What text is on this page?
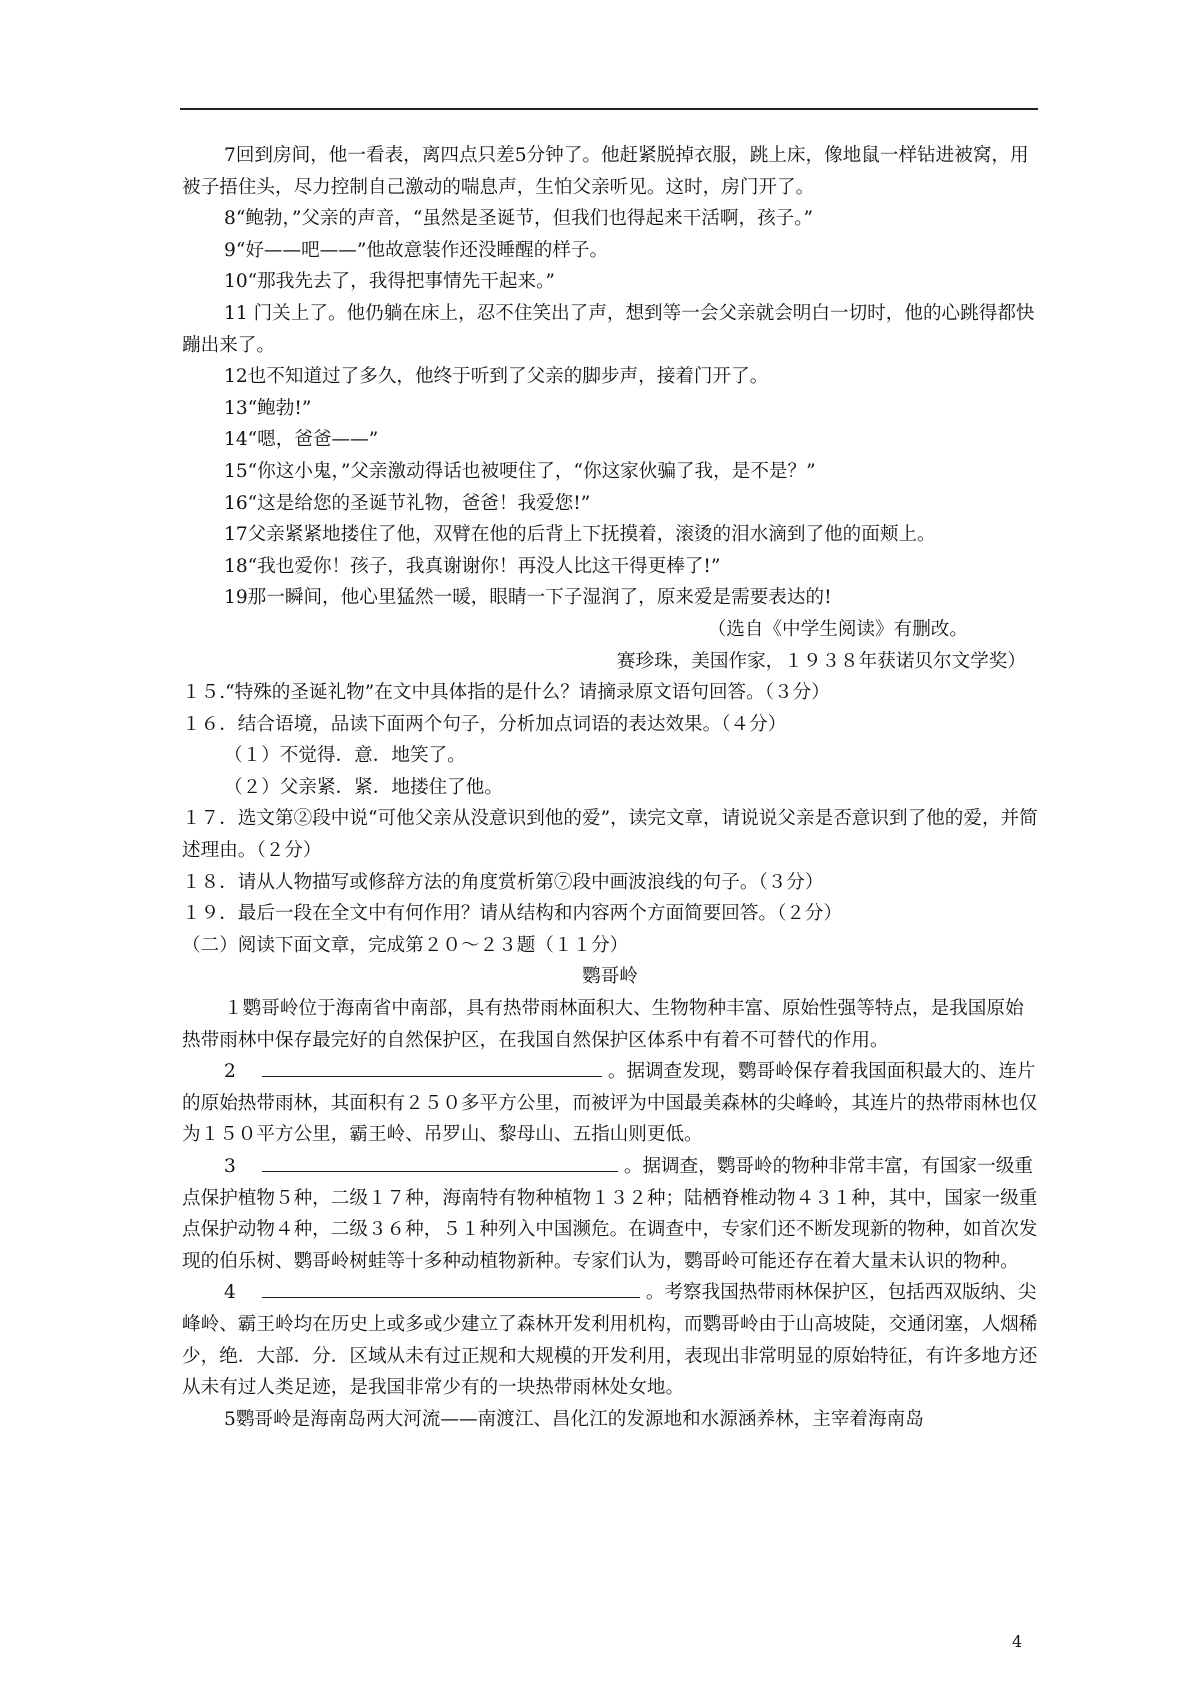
7回到房间，他一看表，离四点只差5分钟了。他赶紧脱掉衣服，跳上床，像地鼠一样钻进被窝，用被子捂住头，尽力控制自己激动的喘息声，生怕父亲听见。这时，房门开了。

8“鲍勃，”父亲的声音，“虽然是圣诞节，但我们也得起来干活啊，孩子。”

9“好——吧——”他故意装作还没睡醒的样子。

10“那我先去了，我得把事情先干起来。”

11 门关上了。他仍躺在床上，忍不住笑出了声，想到等一会父亲就会明白一切时，他的心跳得都快蹦出来了。

12也不知道过了多久，他终于听到了父亲的脚步声，接着门开了。

13“鲍勃!”

14“嗯，爸爸——”

15“你这小鬼，”父亲激动得话也被哽住了，“你这家伙骗了我，是不是？”

16“这是给您的圣诞节礼物，爸爸！我爱您!”

17父亲紧紧地搂住了他，双臂在他的后背上下抚摸着，滚烫的泪水滴到了他的面颊上。

18“我也爱你！孩子，我真谢谢你！再没人比这干得更棒了!”

19那一瞬间，他心里猛然一暖，眼睛一下子湿润了，原来爱是需要表达的!

（选自《中学生阅读》有删改。

赛珍珠，美国作家，１９３８年获诺贝尔文学奖）

１５.“特殊的圣诞礼物”在文中具体指的是什么？请摘录原文语句回答。（３分）

１６．结合语境，品读下面两个句子，分析加点词语的表达效果。（４分）

（１）不觉得．意．地笑了。

（２）父亲紧．紧．地搂住了他。

１７．选文第②段中说“可他父亲从没意识到他的爱”，读完文章，请说说父亲是否意识到了他的爱，并简述理由。（２分）

１８．请从人物描写或修辞方法的角度赏析第⑦段中画波浪线的句子。（３分）

１９．最后一段在全文中有何作用？请从结构和内容两个方面简要回答。（２分）

（二）阅读下面文章，完成第２０～２３题（１１分）

鹦哥岭

１鹦哥岭位于海南省中南部，具有热带雨林面积大、生物物种丰富、原始性强等特点，是我国原始热带雨林中保存最完好的自然保护区，在我国自然保护区体系中有着不可替代的作用。

2	。据调查发现，鹦哥岭保存着我国面积最大的、连片的原始热带雨林，其面积有２５０多平方公里，而被评为中国最美森林的尖峰岭，其连片的热带雨林也仅为１５０平方公里，霸王岭、吊罗山、黎母山、五指山则更低。

3	。据调查，鹦哥岭的物种非常丰富，有国家一级重点保护植物５种，二级１７种，海南特有物种植物１３２种；陆栖脊椎动物４３１种，其中，国家一级重点保护动物４种，二级３６种，５１种列入中国濒危。在调查中，专家们还不断发现新的物种，如首次发现的伯乐树、鹦哥岭树蛙等十多种动植物新种。专家们认为，鹦哥岭可能还存在着大量未认识的物种。

4	。考察我国热带雨林保护区，包括西双版纳、尖峰岭、霸王岭均在历史上或多或少建立了森林开发利用机构，而鹦哥岭由于山高坡陡，交通闭塞，人烟稀少，绝．大部．分．区域从未有过正规和大规模的开发利用，表现出非常明显的原始特征，有许多地方还从未有过人类足迹，是我国非常少有的一块热带雨林处女地。

5鹦哥岭是海南岛两大河流——南渡江、昌化江的发源地和水源涵养林，主宰着海南岛

4
